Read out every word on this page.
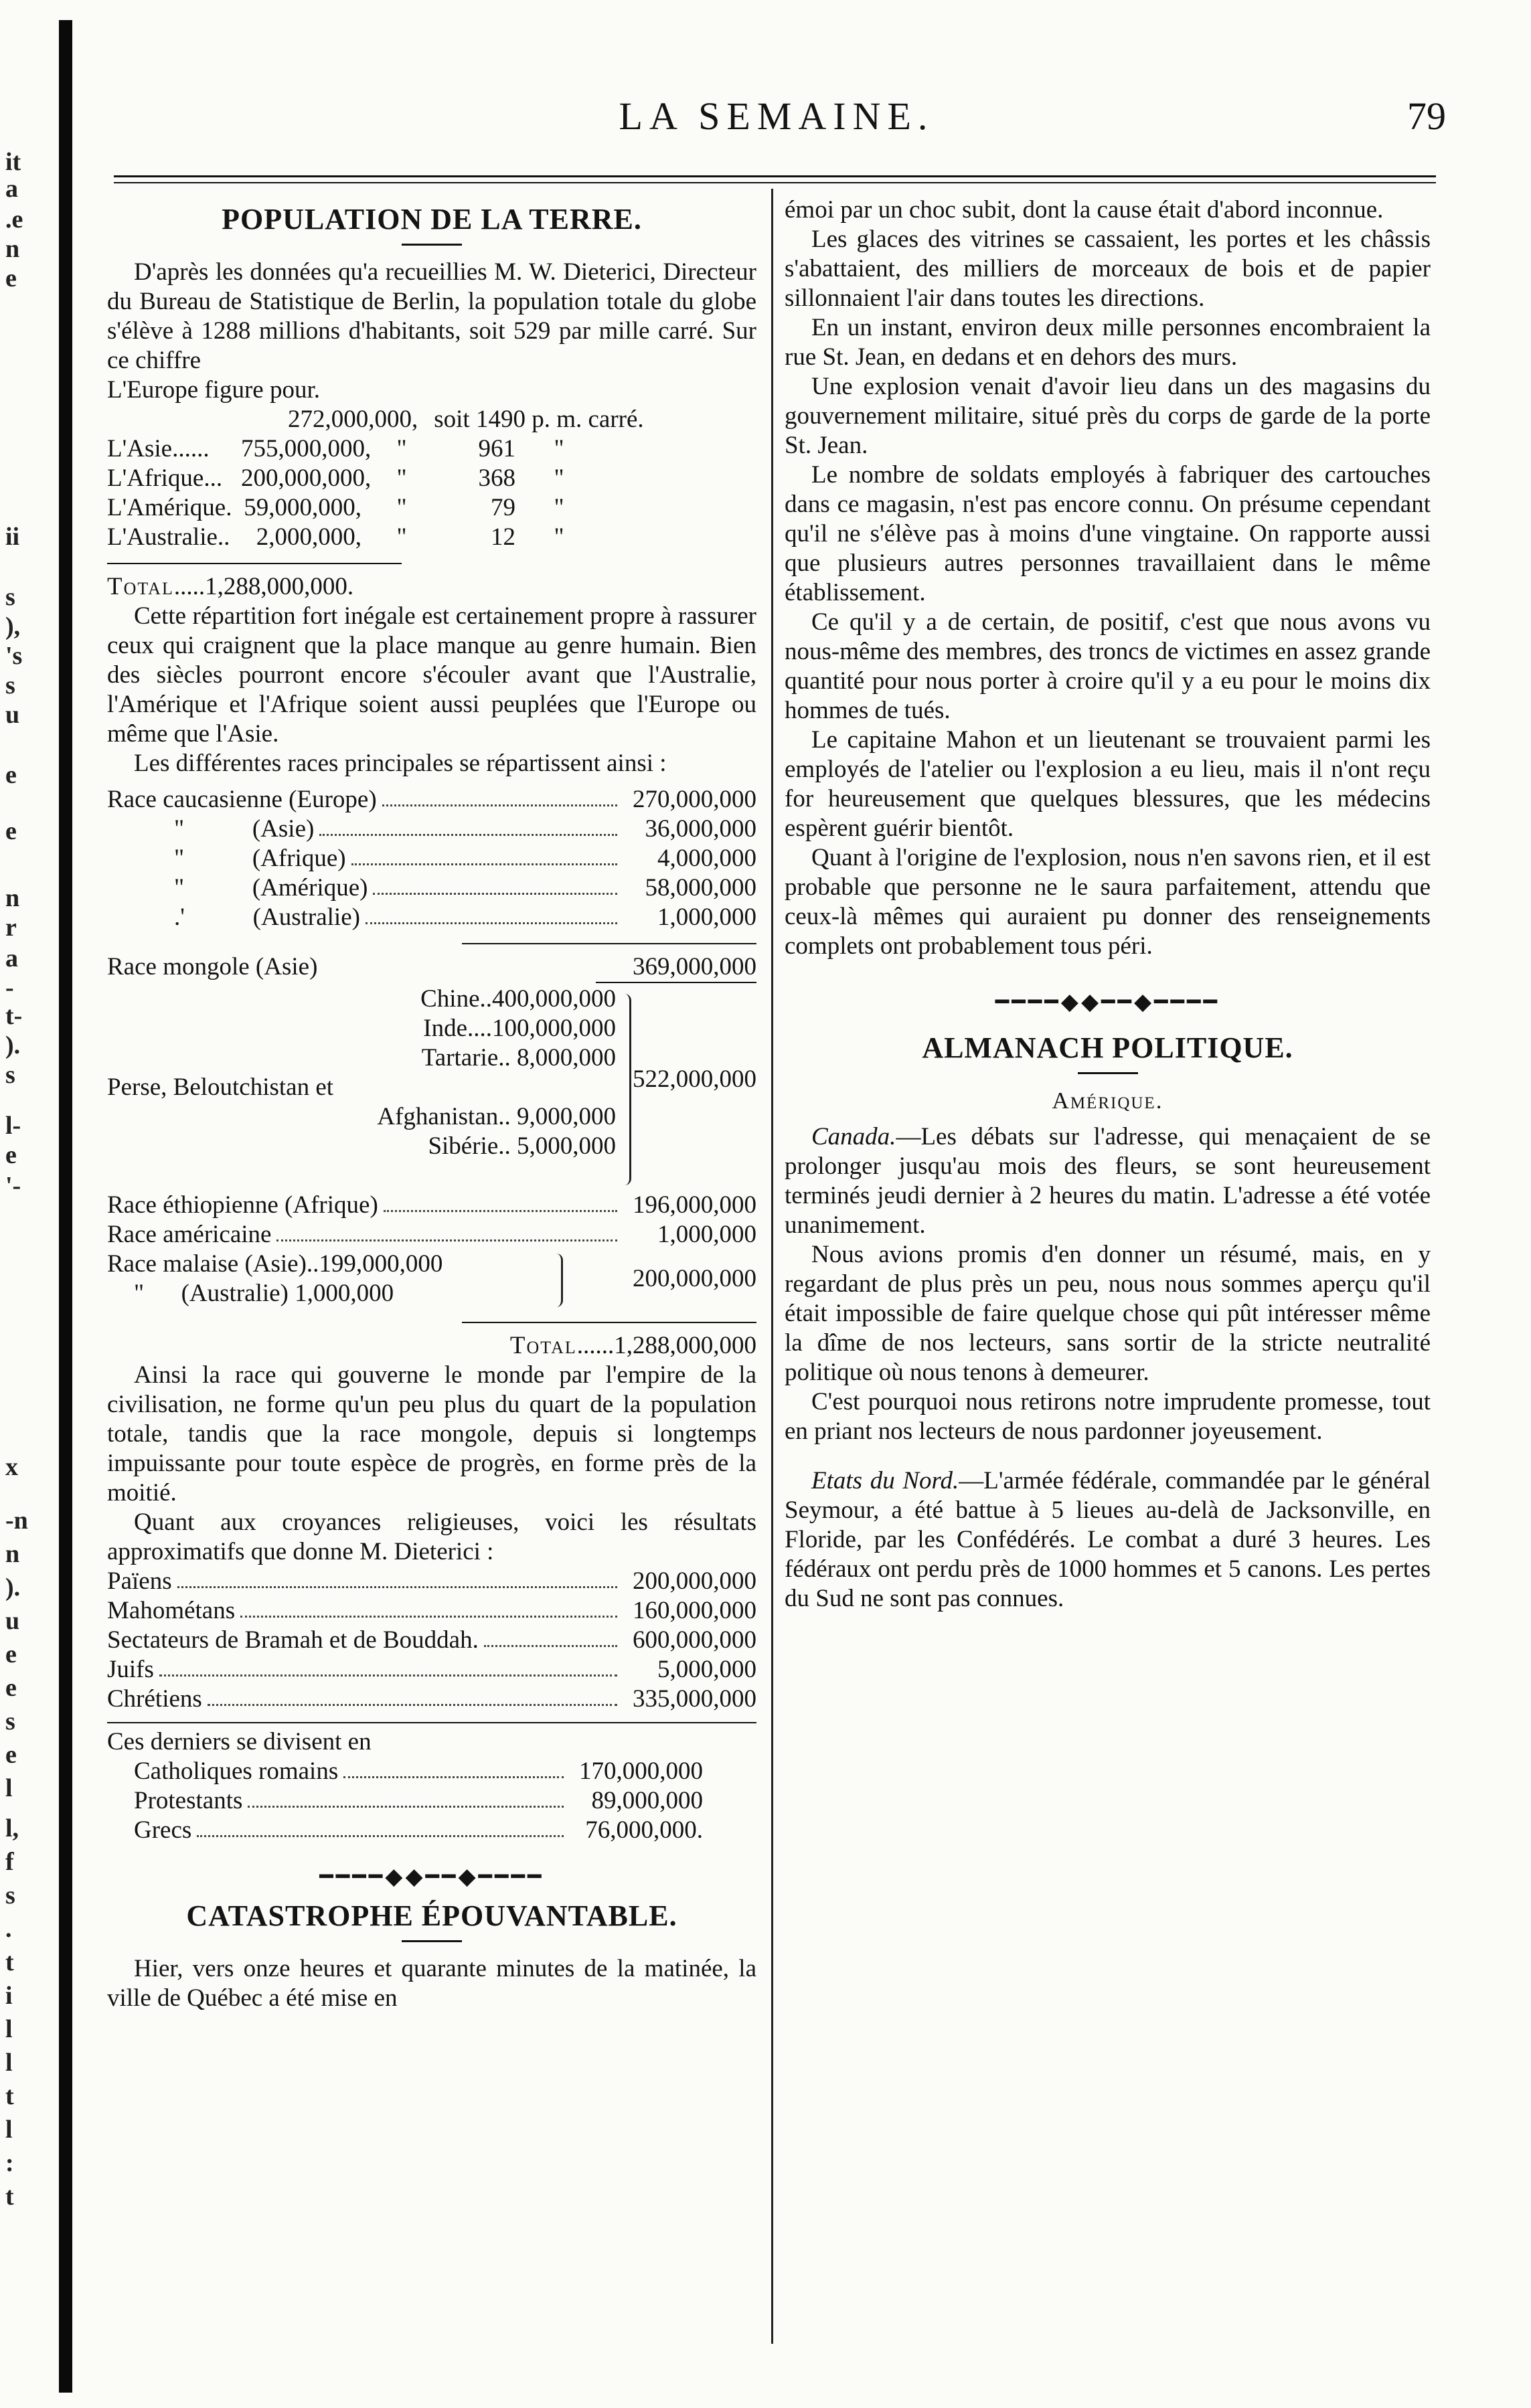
it
a
.e
n
e
ii
s
),
's
s
u
e
e
n
r
a
-
t-
).
s
l-
e
'-
x
-n
n
).
u
e
e
s
e
l
l,
f
s
.
t
i
l
l
t
l
:
t
LA SEMAINE.	79
POPULATION DE LA TERRE.

D'après les données qu'a recueillies M. W. Dieterici, Directeur du Bureau de Statistique de Berlin, la population totale du globe s'élève à 1288 millions d'habitants, soit 529 par mille carré. Sur ce chiffre

L'Europe figure pour.

272,000,000, soit 1490 p. m. carré.
L'Asie......	755,000,000,	"	961	"
L'Afrique... 200,000,000,	"	368	"
L'Amérique. 59,000,000,	"	79	"
L'Australie..	2,000,000,	"	12	"
Total .....1,288,000,000.

Cette répartition fort inégale est certainement propre à rassurer ceux qui craignent que la place manque au genre humain. Bien des siècles pourront encore s'écouler avant que l'Australie, l'Amérique et l'Afrique soient aussi peuplées que l'Europe ou même que l'Asie.

Les différentes races principales se répartissent ainsi :

Race caucasienne (Europe)	270,000,000
"           (Asie)	36,000,000
"           (Afrique)	4,000,000
"           (Amérique)	58,000,000
.'           (Australie)	1,000,000
Race mongole (Asie)	369,000,000
Chine..400,000,000
Inde....100,000,000
Tartarie.. 8,000,000
Perse, Beloutchistan et
Afghanistan.. 9,000,000
Sibérie.. 5,000,000
522,000,000
Race éthiopienne (Afrique)	196,000,000
Race américaine	1,000,000
Race malaise (Asie)..199,000,000
"      (Australie) 1,000,000
200,000,000
Total ......1,288,000,000

Ainsi la race qui gouverne le monde par l'empire de la civilisation, ne forme qu'un peu plus du quart de la population totale, tandis que la race mongole, depuis si longtemps impuissante pour toute espèce de progrès, en forme près de la moitié.

Quant aux croyances religieuses, voici les résultats approximatifs que donne M. Dieterici :

Païens	200,000,000
Mahométans	160,000,000
Sectateurs de Bramah et de Bouddah.	600,000,000
Juifs	5,000,000
Chrétiens	335,000,000

Ces derniers se divisent en

Catholiques romains	170,000,000
Protestants	89,000,000
Grecs	76,000,000.
━━━━◆◆━━◆━━━━
CATASTROPHE ÉPOUVANTABLE.

Hier, vers onze heures et quarante minutes de la matinée, la ville de Québec a été mise en

émoi par un choc subit, dont la cause était d'abord inconnue.

Les glaces des vitrines se cassaient, les portes et les châssis s'abattaient, des milliers de morceaux de bois et de papier sillonnaient l'air dans toutes les directions.

En un instant, environ deux mille personnes encombraient la rue St. Jean, en dedans et en dehors des murs.

Une explosion venait d'avoir lieu dans un des magasins du gouvernement militaire, situé près du corps de garde de la porte St. Jean.

Le nombre de soldats employés à fabriquer des cartouches dans ce magasin, n'est pas encore connu. On présume cependant qu'il ne s'élève pas à moins d'une vingtaine. On rapporte aussi que plusieurs autres personnes travaillaient dans le même établissement.

Ce qu'il y a de certain, de positif, c'est que nous avons vu nous-même des membres, des troncs de victimes en assez grande quantité pour nous porter à croire qu'il y a eu pour le moins dix hommes de tués.

Le capitaine Mahon et un lieutenant se trouvaient parmi les employés de l'atelier ou l'explosion a eu lieu, mais il n'ont reçu for heureusement que quelques blessures, que les médecins espèrent guérir bientôt.

Quant à l'origine de l'explosion, nous n'en savons rien, et il est probable que personne ne le saura parfaitement, attendu que ceux-là mêmes qui auraient pu donner des renseignements complets ont probablement tous péri.

━━━━◆◆━━◆━━━━
ALMANACH POLITIQUE.
Amérique.

Canada.—Les débats sur l'adresse, qui menaçaient de se prolonger jusqu'au mois des fleurs, se sont heureusement terminés jeudi dernier à 2 heures du matin. L'adresse a été votée unanimement.

Nous avions promis d'en donner un résumé, mais, en y regardant de plus près un peu, nous nous sommes aperçu qu'il était impossible de faire quelque chose qui pût intéresser même la dîme de nos lecteurs, sans sortir de la stricte neutralité politique où nous tenons à demeurer.

C'est pourquoi nous retirons notre imprudente promesse, tout en priant nos lecteurs de nous pardonner joyeusement.

Etats du Nord.—L'armée fédérale, commandée par le général Seymour, a été battue à 5 lieues au-delà de Jacksonville, en Floride, par les Confédérés. Le combat a duré 3 heures. Les fédéraux ont perdu près de 1000 hommes et 5 canons. Les pertes du Sud ne sont pas connues.
